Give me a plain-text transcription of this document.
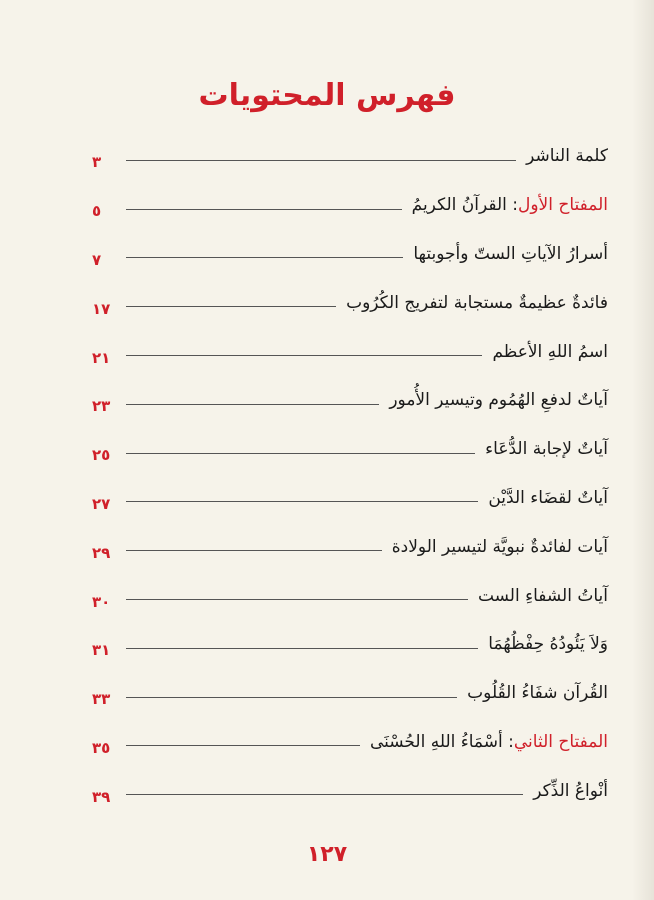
فهرس المحتويات
كلمة الناشر
٣
المفتاح الأول: القرآنُ الكريمُ
٥
أسرارُ الآياتِ الستّ وأجوبتها
٧
فائدةٌ عظيمةٌ مستجابة لتفريج الكُرُوب
١٧
اسمُ اللهِ الأعظم
٢١
آياتٌ لدفعِ الهُمُوم وتيسير الأُمور
٢٣
آياتٌ لإجابة الدُّعَاء
٢٥
آياتٌ لقضَاء الدَّيْن
٢٧
آيات لفائدةٌ نبويَّة لتيسير الولادة
٢٩
آياتُ الشفاءِ الست
٣٠
وَلاَ يَئُودُهُ حِفْظُهُمَا
٣١
القُرآن شفَاءُ القُلُوب
٣٣
المفتاح الثاني: أسْمَاءُ اللهِ الحُسْنَى
٣٥
أنْواعُ الذِّكر
٣٩
١٢٧
